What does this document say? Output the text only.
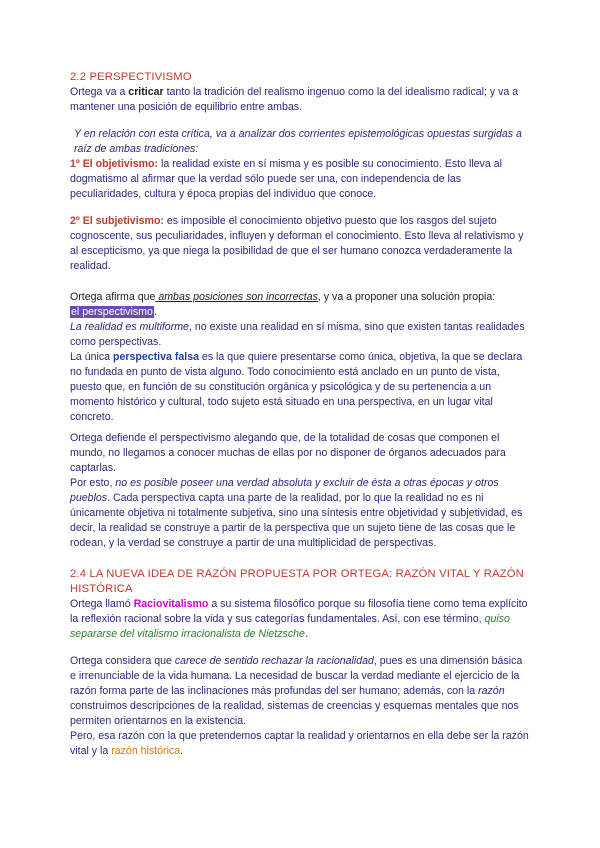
2.2 PERSPECTIVISMO

Ortega va a criticar tanto la tradición del realismo ingenuo como la del idealismo radical; y va a mantener una posición de equilibrio entre ambas.

Y en relación con esta crítica, va a analizar dos corrientes epistemológicas opuestas surgidas a raíz de ambas tradiciones:

1º El objetivismo: la realidad existe en sí misma y es posible su conocimiento. Esto lleva al dogmatismo al afirmar que la verdad sólo puede ser una, con independencia de las peculiaridades, cultura y época propias del individuo que conoce.

2º El subjetivismo: es imposible el conocimiento objetivo puesto que los rasgos del sujeto cognoscente, sus peculiaridades, influyen y deforman el conocimiento. Esto lleva al relativismo y al escepticismo, ya que niega la posibilidad de que el ser humano conozca verdaderamente la realidad.

Ortega afirma que ambas posiciones son incorrectas, y va a proponer una solución propia:
el perspectivismo.

La realidad es multiforme, no existe una realidad en sí misma, sino que existen tantas realidades como perspectivas.

La única perspectiva falsa es la que quiere presentarse como única, objetiva, la que se declara no fundada en punto de vista alguno. Todo conocimiento está anclado en un punto de vista, puesto que, en función de su constitución orgánica y psicológica y de su pertenencia a un momento histórico y cultural, todo sujeto está situado en una perspectiva, en un lugar vital concreto.

Ortega defiende el perspectivismo alegando que, de la totalidad de cosas que componen el mundo, no llegamos a conocer muchas de ellas por no disponer de órganos adecuados para captarlas.

Por esto, no es posible poseer una verdad absoluta y excluir de ésta a otras épocas y otros pueblos. Cada perspectiva capta una parte de la realidad, por lo que la realidad no es ni únicamente objetiva ni totalmente subjetiva, sino una síntesis entre objetividad y subjetividad, es decir, la realidad se construye a partir de la perspectiva que un sujeto tiene de las cosas que le rodean, y la verdad se construye a partir de una multiplicidad de perspectivas.

2.4 LA NUEVA IDEA DE RAZÓN PROPUESTA POR ORTEGA: RAZÓN VITAL Y RAZÓN HISTÓRICA

Ortega llamó Raciovitalismo a su sistema filosófico porque su filosofía tiene como tema explícito la reflexión racional sobre la vida y sus categorías fundamentales. Así, con ese término, quiso separarse del vitalismo irracionalista de Nietzsche.

Ortega considera que carece de sentido rechazar la racionalidad, pues es una dimensión básica e irrenunciable de la vida humana. La necesidad de buscar la verdad mediante el ejercicio de la razón forma parte de las inclinaciones más profundas del ser humano; además, con la razón construimos descripciones de la realidad, sistemas de creencias y esquemas mentales que nos permiten orientarnos en la existencia.

Pero, esa razón con la que pretendemos captar la realidad y orientarnos en ella debe ser la razón vital y la razón histórica.
